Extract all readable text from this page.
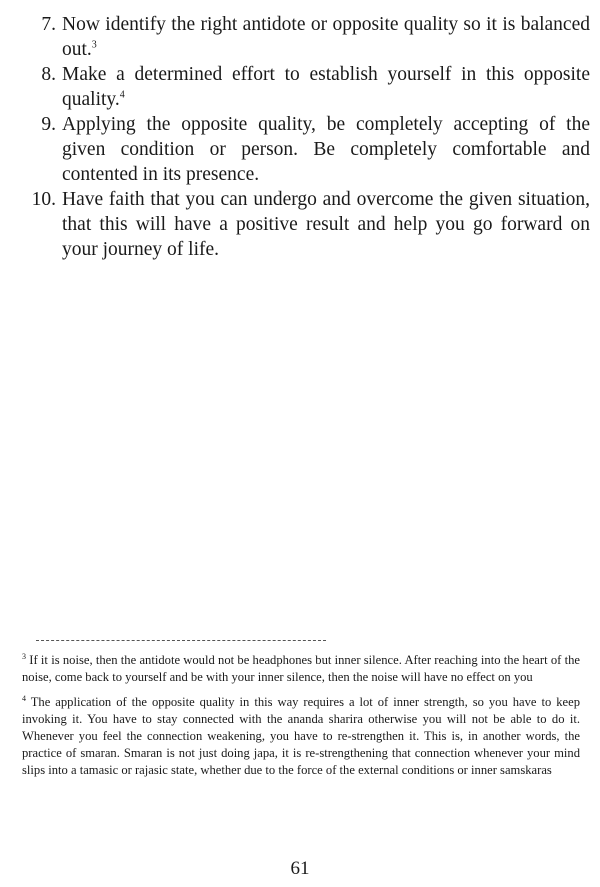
7. Now identify the right antidote or opposite quality so it is balanced out.$^3$
8. Make a determined effort to establish yourself in this opposite quality.$^4$
9. Applying the opposite quality, be completely accepting of the given condition or person. Be completely comfortable and contented in its presence.
10. Have faith that you can undergo and overcome the given situation, that this will have a positive result and help you go forward on your journey of life.

$^3$ If it is noise, then the antidote would not be headphones but inner silence. After reaching into the heart of the noise, come back to yourself and be with your inner silence, then the noise will have no effect on you

$^4$ The application of the opposite quality in this way requires a lot of inner strength, so you have to keep invoking it. You have to stay connected with the ananda sharira otherwise you will not be able to do it. Whenever you feel the connection weakening, you have to re-strengthen it. This is, in another words, the practice of smaran. Smaran is not just doing japa, it is re-strengthening that connection whenever your mind slips into a tamasic or rajasic state, whether due to the force of the external conditions or inner samskaras

61
